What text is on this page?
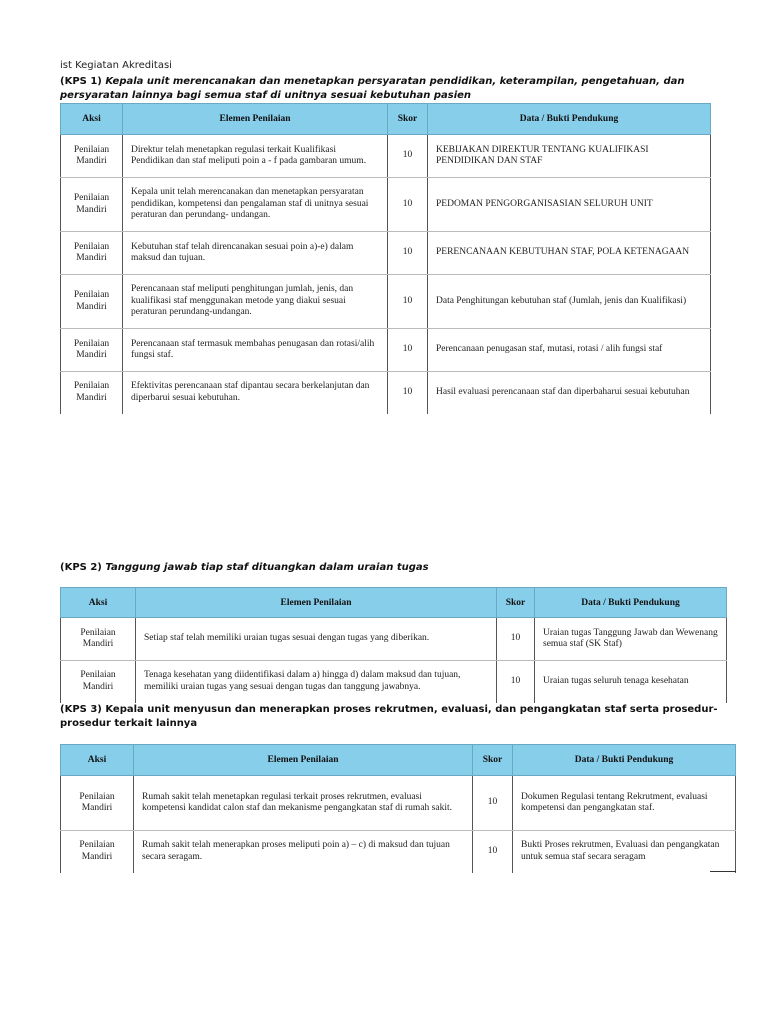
ist Kegiatan Akreditasi
(KPS 1) Kepala unit merencanakan dan menetapkan persyaratan pendidikan, keterampilan, pengetahuan, dan persyaratan lainnya bagi semua staf di unitnya sesuai kebutuhan pasien
Aksi	Elemen Penilaian	Skor	Data / Bukti Pendukung
Penilaian Mandiri	Direktur telah menetapkan regulasi terkait Kualifikasi Pendidikan dan staf meliputi poin a - f pada gambaran umum.	10	KEBIJAKAN DIREKTUR TENTANG KUALIFIKASI PENDIDIKAN DAN STAF
Penilaian Mandiri	Kepala unit telah merencanakan dan menetapkan persyaratan pendidikan, kompetensi dan pengalaman staf di unitnya sesuai peraturan dan perundang- undangan.	10	PEDOMAN PENGORGANISASIAN SELURUH UNIT
Penilaian Mandiri	Kebutuhan staf telah direncanakan sesuai poin a)-e) dalam maksud dan tujuan.	10	PERENCANAAN KEBUTUHAN STAF, POLA KETENAGAAN
Penilaian Mandiri	Perencanaan staf meliputi penghitungan jumlah, jenis, dan kualifikasi staf menggunakan metode yang diakui sesuai peraturan perundang-undangan.	10	Data Penghitungan kebutuhan staf (Jumlah, jenis dan Kualifikasi)
Penilaian Mandiri	Perencanaan staf termasuk membahas penugasan dan rotasi/alih fungsi staf.	10	Perencanaan penugasan staf, mutasi, rotasi / alih fungsi staf
Penilaian Mandiri	Efektivitas perencanaan staf dipantau secara berkelanjutan dan diperbarui sesuai kebutuhan.	10	Hasil evaluasi perencanaan staf dan diperbaharui sesuai kebutuhan
(KPS 2) Tanggung jawab tiap staf dituangkan dalam uraian tugas
Aksi	Elemen Penilaian	Skor	Data / Bukti Pendukung
Penilaian Mandiri	Setiap staf telah memiliki uraian tugas sesuai dengan tugas yang diberikan.	10	Uraian tugas Tanggung Jawab dan Wewenang semua staf (SK Staf)
Penilaian Mandiri	Tenaga kesehatan yang diidentifikasi dalam a) hingga d) dalam maksud dan tujuan, memiliki uraian tugas yang sesuai dengan tugas dan tanggung jawabnya.	10	Uraian tugas seluruh tenaga kesehatan
(KPS 3) Kepala unit menyusun dan menerapkan proses rekrutmen, evaluasi, dan pengangkatan staf serta prosedur-prosedur terkait lainnya
Aksi	Elemen Penilaian	Skor	Data / Bukti Pendukung
Penilaian Mandiri	Rumah sakit telah menetapkan regulasi terkait proses rekrutmen, evaluasi kompetensi kandidat calon staf dan mekanisme pengangkatan staf di rumah sakit.	10	Dokumen Regulasi tentang Rekrutment, evaluasi kompetensi dan pengangkatan staf.
Penilaian Mandiri	Rumah sakit telah menerapkan proses meliputi poin a) – c) di maksud dan tujuan secara seragam.	10	Bukti Proses rekrutmen, Evaluasi dan pengangkatan untuk semua staf secara seragam
